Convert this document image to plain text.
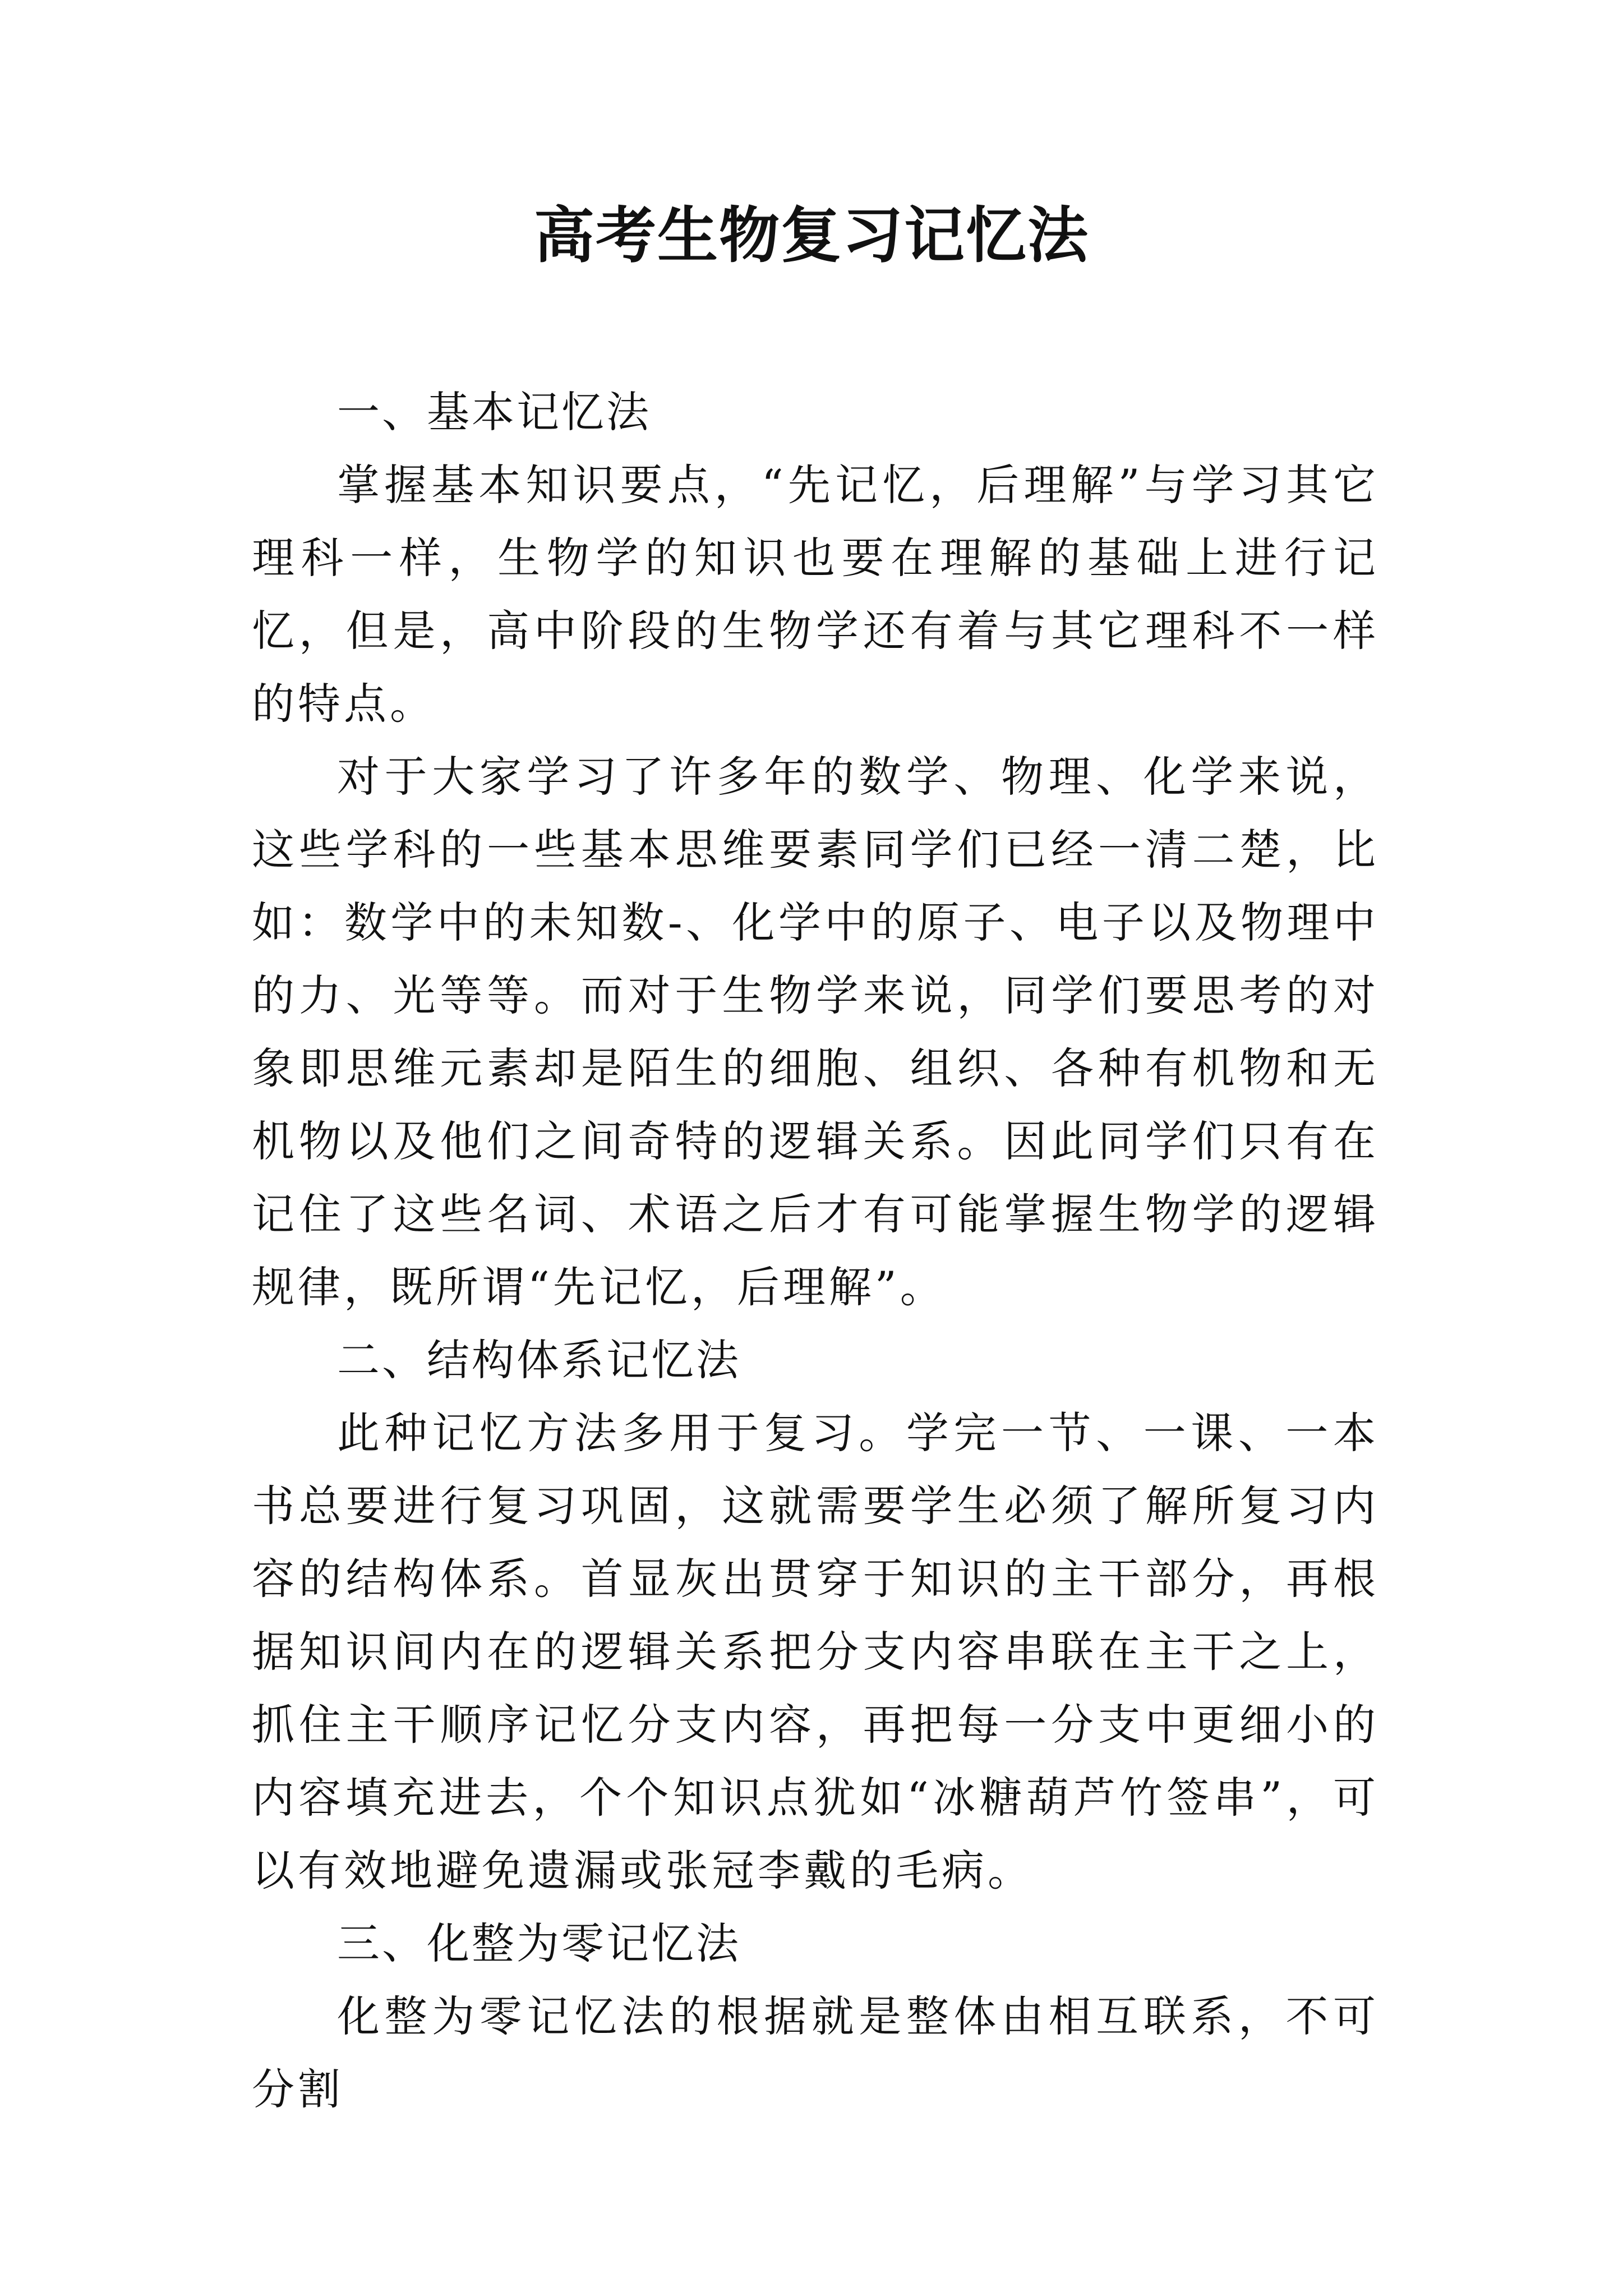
高考生物复习记忆法

一、基本记忆法

掌握基本知识要点，“先记忆，后理解”与学习其它理科一样，生物学的知识也要在理解的基础上进行记忆，但是，高中阶段的生物学还有着与其它理科不一样的特点。

对于大家学习了许多年的数学、物理、化学来说，这些学科的一些基本思维要素同学们已经一清二楚，比如：数学中的未知数-、化学中的原子、电子以及物理中的力、光等等。而对于生物学来说，同学们要思考的对象即思维元素却是陌生的细胞、组织、各种有机物和无机物以及他们之间奇特的逻辑关系。因此同学们只有在记住了这些名词、术语之后才有可能掌握生物学的逻辑规律，既所谓“先记忆，后理解”。

二、结构体系记忆法

此种记忆方法多用于复习。学完一节、一课、一本书总要进行复习巩固，这就需要学生必须了解所复习内容的结构体系。首显灰出贯穿于知识的主干部分，再根据知识间内在的逻辑关系把分支内容串联在主干之上，抓住主干顺序记忆分支内容，再把每一分支中更细小的内容填充进去，个个知识点犹如“冰糖葫芦竹签串”，可以有效地避免遗漏或张冠李戴的毛病。

三、化整为零记忆法

化整为零记忆法的根据就是整体由相互联系，不可分割
